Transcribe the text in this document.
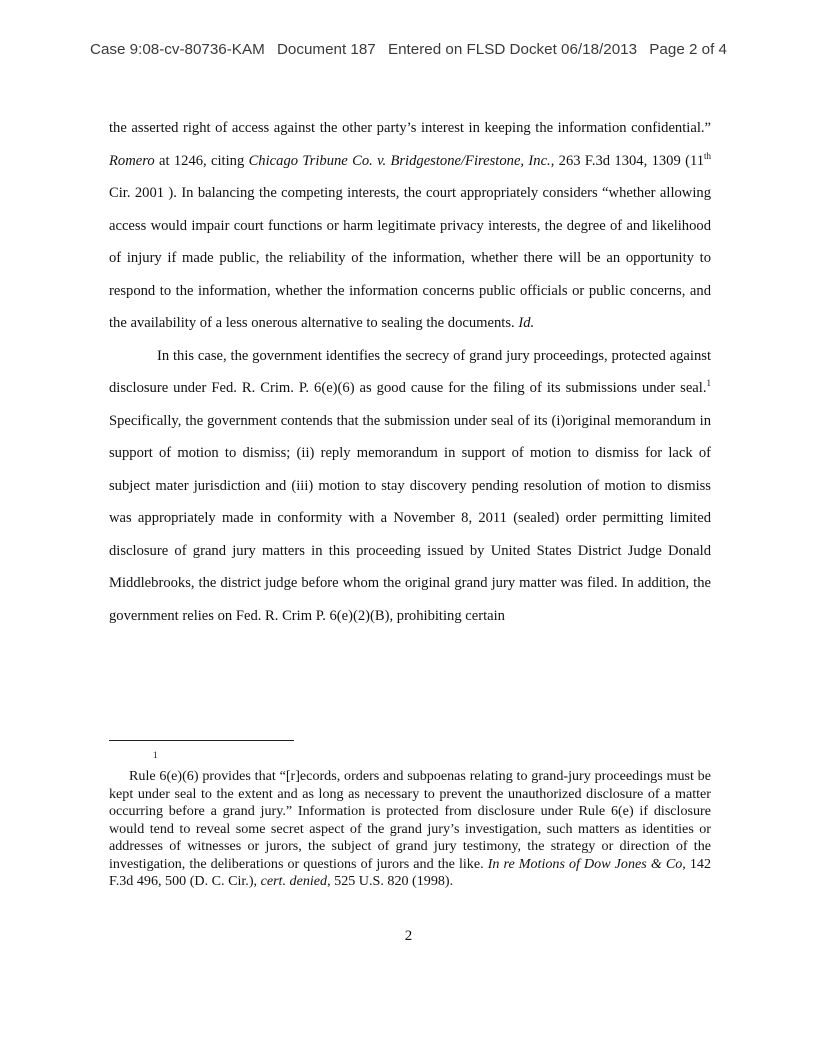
Case 9:08-cv-80736-KAM Document 187 Entered on FLSD Docket 06/18/2013 Page 2 of 4

the asserted right of access against the other party’s interest in keeping the information confidential.” Romero at 1246, citing Chicago Tribune Co. v. Bridgestone/Firestone, Inc., 263 F.3d 1304, 1309 (11th Cir. 2001 ). In balancing the competing interests, the court appropriately considers “whether allowing access would impair court functions or harm legitimate privacy interests, the degree of and likelihood of injury if made public, the reliability of the information, whether there will be an opportunity to respond to the information, whether the information concerns public officials or public concerns, and the availability of a less onerous alternative to sealing the documents. Id.

In this case, the government identifies the secrecy of grand jury proceedings, protected against disclosure under Fed. R. Crim. P. 6(e)(6) as good cause for the filing of its submissions under seal.$^1$ Specifically, the government contends that the submission under seal of its (i)original memorandum in support of motion to dismiss; (ii) reply memorandum in support of motion to dismiss for lack of subject mater jurisdiction and (iii) motion to stay discovery pending resolution of motion to dismiss was appropriately made in conformity with a November 8, 2011 (sealed) order permitting limited disclosure of grand jury matters in this proceeding issued by United States District Judge Donald Middlebrooks, the district judge before whom the original grand jury matter was filed. In addition, the government relies on Fed. R. Crim P. 6(e)(2)(B), prohibiting certain

1

Rule 6(e)(6) provides that “[r]ecords, orders and subpoenas relating to grand-jury proceedings must be kept under seal to the extent and as long as necessary to prevent the unauthorized disclosure of a matter occurring before a grand jury.” Information is protected from disclosure under Rule 6(e) if disclosure would tend to reveal some secret aspect of the grand jury’s investigation, such matters as identities or addresses of witnesses or jurors, the subject of grand jury testimony, the strategy or direction of the investigation, the deliberations or questions of jurors and the like. In re Motions of Dow Jones & Co, 142 F.3d 496, 500 (D. C. Cir.), cert. denied, 525 U.S. 820 (1998).

2
